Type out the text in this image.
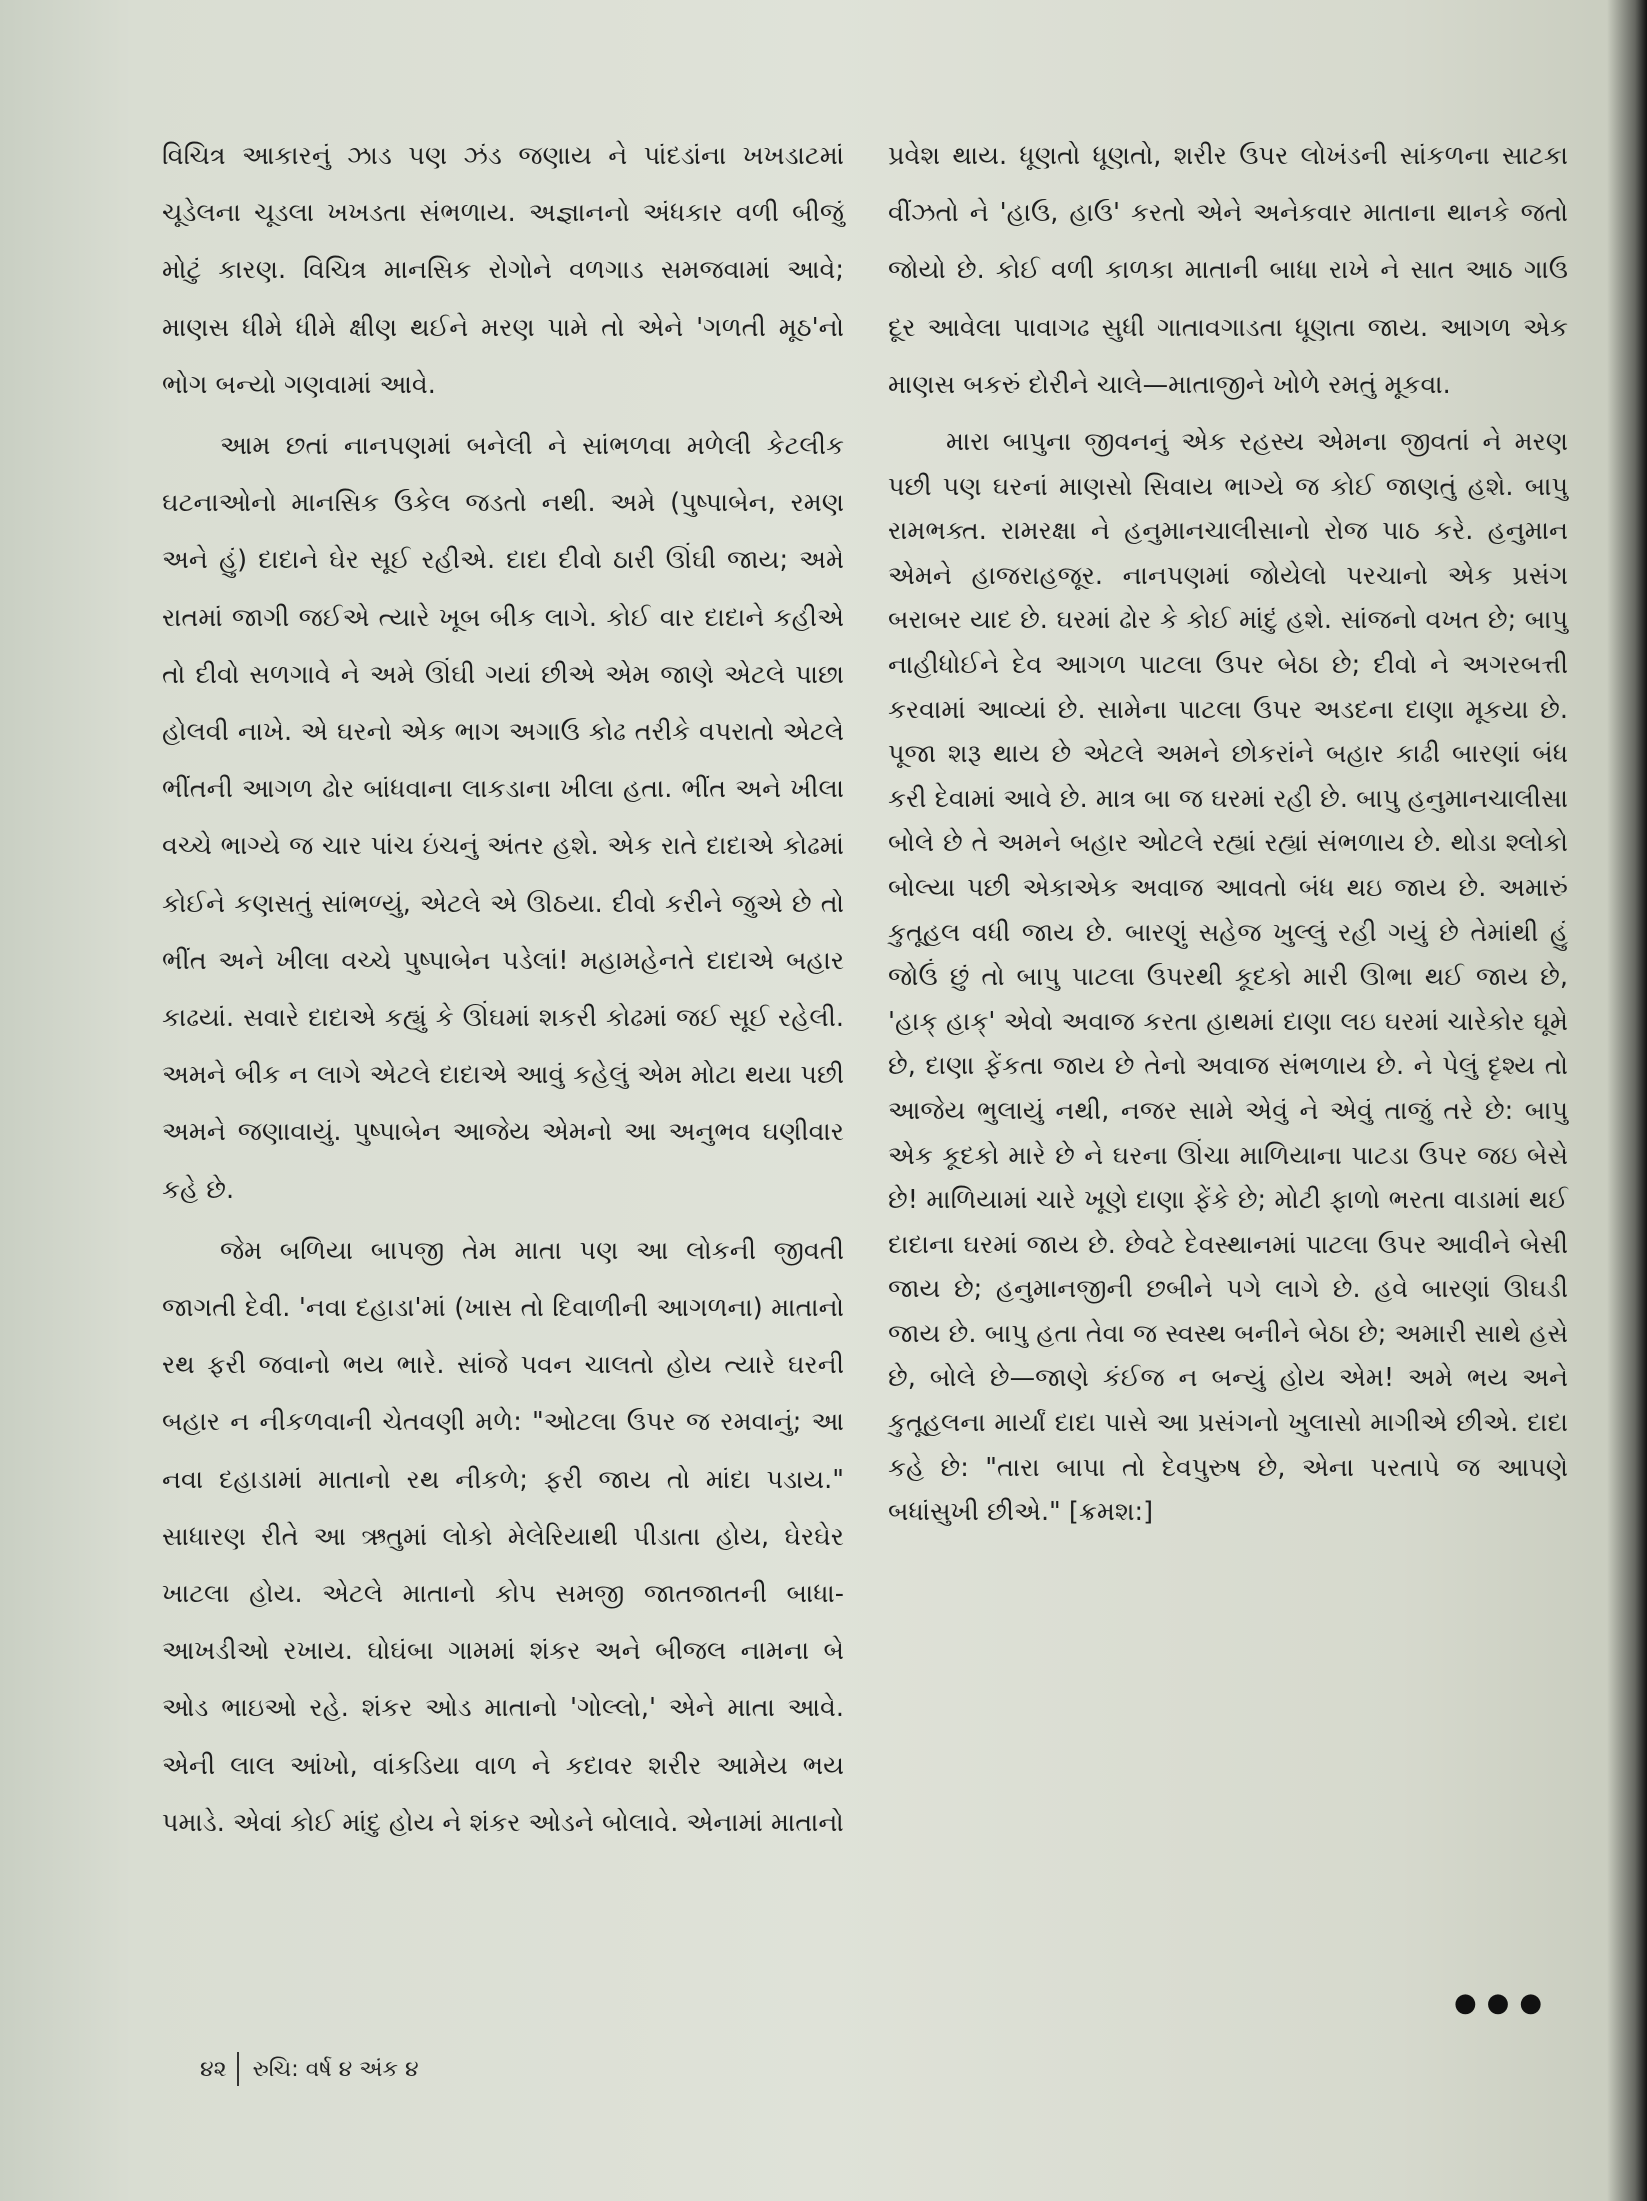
વિચિત્ર આકારનું ઝાડ પણ ઝંડ જણાય ને પાંદડાંના ખખડાટમાં ચૂડેલના ચૂડલા ખખડતા સંભળાય. અજ્ઞાનનો અંધકાર વળી બીજું મોટું કારણ. વિચિત્ર માનસિક રોગોને વળગાડ સમજવામાં આવે; માણસ ધીમે ધીમે ક્ષીણ થઈને મરણ પામે તો એને 'ગળતી મૂઠ'નો ભોગ બન્યો ગણવામાં આવે.

આમ છતાં નાનપણમાં બનેલી ને સાંભળવા મળેલી કેટલીક ઘટનાઓનો માનસિક ઉકેલ જડતો નથી. અમે (પુષ્પાબેન, રમણ અને હું) દાદાને ઘેર સૂઈ રહીએ. દાદા દીવો ઠારી ઊંઘી જાય; અમે રાતમાં જાગી જઈએ ત્યારે ખૂબ બીક લાગે. કોઈ વાર દાદાને કહીએ તો દીવો સળગાવે ને અમે ઊંઘી ગયાં છીએ એમ જાણે એટલે પાછા હોલવી નાખે. એ ઘરનો એક ભાગ અગાઉ કોઢ તરીકે વપરાતો એટલે ભીંતની આગળ ઢોર બાંધવાના લાકડાના ખીલા હતા. ભીંત અને ખીલા વચ્ચે ભાગ્યે જ ચાર પાંચ ઇંચનું અંતર હશે. એક રાતે દાદાએ કોઢમાં કોઈને કણસતું સાંભળ્યું, એટલે એ ઊઠયા. દીવો કરીને જુએ છે તો ભીંત અને ખીલા વચ્ચે પુષ્પાબેન પડેલાં! મહામહેનતે દાદાએ બહાર કાઢયાં. સવારે દાદાએ કહ્યું કે ઊંઘમાં શકરી કોઢમાં જઈ સૂઈ રહેલી. અમને બીક ન લાગે એટલે દાદાએ આવું કહેલું એમ મોટા થયા પછી અમને જણાવાયું. પુષ્પાબેન આજેય એમનો આ અનુભવ ઘણીવાર કહે છે.

જેમ બળિયા બાપજી તેમ માતા પણ આ લોકની જીવતી જાગતી દેવી. 'નવા દહાડા'માં (ખાસ તો દિવાળીની આગળના) માતાનો રથ ફરી જવાનો ભય ભારે. સાંજે પવન ચાલતો હોય ત્યારે ઘરની બહાર ન નીકળવાની ચેતવણી મળે: "ઓટલા ઉપર જ રમવાનું; આ નવા દહાડામાં માતાનો રથ નીકળે; ફરી જાય તો માંદા પડાય." સાધારણ રીતે આ ઋતુમાં લોકો મેલેરિયાથી પીડાતા હોય, ઘેરઘેર ખાટલા હોય. એટલે માતાનો કોપ સમજી જાતજાતની બાધા-આખડીઓ રખાય. ઘોઘંબા ગામમાં શંકર અને બીજલ નામના બે ઓડ ભાઇઓ રહે. શંકર ઓડ માતાનો 'ગોલ્લો,' એને માતા આવે. એની લાલ આંખો, વાંકડિયા વાળ ને કદાવર શરીર આમેય ભય પમાડે. એવાં કોઈ માંદુ હોય ને શંકર ઓડને બોલાવે. એનામાં માતાનો

પ્રવેશ થાય. ધૂણતો ધૂણતો, શરીર ઉપર લોખંડની સાંકળના સાટકા વીંઝતો ને 'હાઉ, હાઉ' કરતો એને અનેકવાર માતાના થાનકે જતો જોયો છે. કોઈ વળી કાળકા માતાની બાધા રાખે ને સાત આઠ ગાઉ દૂર આવેલા પાવાગઢ સુધી ગાતાવગાડતા ધૂણતા જાય. આગળ એક માણસ બકરું દોરીને ચાલે—માતાજીને ખોળે રમતું મૂકવા.

મારા બાપુના જીવનનું એક રહસ્ય એમના જીવતાં ને મરણ પછી પણ ઘરનાં માણસો સિવાય ભાગ્યે જ કોઈ જાણતું હશે. બાપુ રામભક્ત. રામરક્ષા ને હનુમાનચાલીસાનો રોજ પાઠ કરે. હનુમાન એમને હાજરાહજૂર. નાનપણમાં જોયેલો પરચાનો એક પ્રસંગ બરાબર યાદ છે. ઘરમાં ઢોર કે કોઈ માંદું હશે. સાંજનો વખત છે; બાપુ નાહીધોઈને દેવ આગળ પાટલા ઉપર બેઠા છે; દીવો ને અગરબત્તી કરવામાં આવ્યાં છે. સામેના પાટલા ઉપર અડદના દાણા મૂકયા છે. પૂજા શરૂ થાય છે એટલે અમને છોકરાંને બહાર કાઢી બારણાં બંધ કરી દેવામાં આવે છે. માત્ર બા જ ઘરમાં રહી છે. બાપુ હનુમાનચાલીસા બોલે છે તે અમને બહાર ઓટલે રહ્યાં રહ્યાં સંભળાય છે. થોડા શ્લોકો બોલ્યા પછી એકાએક અવાજ આવતો બંધ થઇ જાય છે. અમારું કુતૂહલ વધી જાય છે. બારણું સહેજ ખુલ્લું રહી ગયું છે તેમાંથી હું જોઉં છું તો બાપુ પાટલા ઉપરથી કૂદકો મારી ઊભા થઈ જાય છે, 'હાક્ હાક્' એવો અવાજ કરતા હાથમાં દાણા લઇ ઘરમાં ચારેકોર ઘૂમે છે, દાણા ફેંકતા જાય છે તેનો અવાજ સંભળાય છે. ને પેલું દૃશ્ય તો આજેય ભુલાયું નથી, નજર સામે એવું ને એવું તાજું તરે છે: બાપુ એક કૂદકો મારે છે ને ઘરના ઊંચા માળિયાના પાટડા ઉપર જઇ બેસે છે! માળિયામાં ચારે ખૂણે દાણા ફેંકે છે; મોટી ફાળો ભરતા વાડામાં થઈ દાદાના ઘરમાં જાય છે. છેવટે દેવસ્થાનમાં પાટલા ઉપર આવીને બેસી જાય છે; હનુમાનજીની છબીને પગે લાગે છે. હવે બારણાં ઊઘડી જાય છે. બાપુ હતા તેવા જ સ્વસ્થ બનીને બેઠા છે; અમારી સાથે હસે છે, બોલે છે—જાણે કંઈજ ન બન્યું હોય એમ! અમે ભય અને કુતૂહલના માર્યાં દાદા પાસે આ પ્રસંગનો ખુલાસો માગીએ છીએ. દાદા કહે છે: "તારા બાપા તો દેવપુરુષ છે, એના પરતાપે જ આપણે બધાંસુખી છીએ." [ક્રમશ:]

●●●
૪૨ રુચિ: વર્ષ ૪ અંક ૪
